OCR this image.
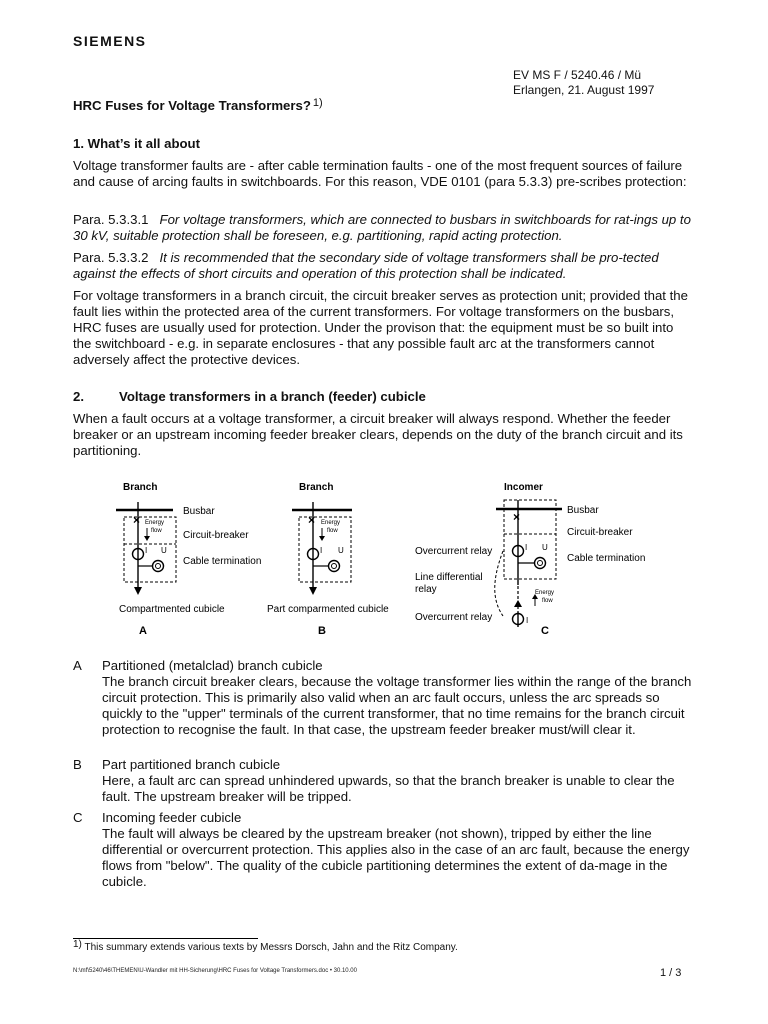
SIEMENS
EV MS F / 5240.46 / Mü
Erlangen, 21. August 1997
HRC Fuses for Voltage Transformers? $^{1)}$
1. What’s it all about

Voltage transformer faults are - after cable termination faults - one of the most frequent sources of failure and cause of arcing faults in switchboards. For this reason, VDE 0101 (para 5.3.3) pre-scribes protection:

Para. 5.3.3.1 For voltage transformers, which are connected to busbars in switchboards for rat-ings up to 30 kV, suitable protection shall be foreseen, e.g. partitioning, rapid acting protection.

Para. 5.3.3.2 It is recommended that the secondary side of voltage transformers shall be pro-tected against the effects of short circuits and operation of this protection shall be indicated.

For voltage transformers in a branch circuit, the circuit breaker serves as protection unit; provided that the fault lies within the protected area of the current transformers. For voltage transformers on the busbars, HRC fuses are usually used for protection. Under the provison that: the equipment must be so built into the switchboard - e.g. in separate enclosures - that any possible fault arc at the transformers cannot adversely affect the protective devices.

2.	Voltage transformers in a branch (feeder) cubicle

When a fault occurs at a voltage transformer, a circuit breaker will always respond. Whether the feeder breaker or an upstream incoming feeder breaker clears, depends on the duty of the branch circuit and its partitioning.

Branch
× Energy
flow
I U
Busbar
Circuit-breaker
Cable termination
Compartmented cubicle
A
Branch
× Energy
flow
I U
Part comparmented cubicle
B
Incomer
×
I U
I
Energy
flow
Busbar
Circuit-breaker
Cable termination
Overcurrent relay
Line differential
relay
Overcurrent relay
C
A Partitioned (metalclad) branch cubicle
The branch circuit breaker clears, because the voltage transformer lies within the range of the branch circuit protection. This is primarily also valid when an arc fault occurs, unless the arc spreads so quickly to the "upper" terminals of the current transformer, that no time remains for the branch circuit protection to recognise the fault. In that case, the upstream feeder breaker must/will clear it.
B Part partitioned branch cubicle
Here, a fault arc can spread unhindered upwards, so that the branch breaker is unable to clear the fault. The upstream breaker will be tripped.
C Incoming feeder cubicle
The fault will always be cleared by the upstream breaker (not shown), tripped by either the line differential or overcurrent protection. This applies also in the case of an arc fault, because the energy flows from "below". The quality of the cubicle partitioning determines the extent of da-mage in the cubicle.
$^{1)}$ This summary extends various texts by Messrs Dorsch, Jahn and the Ritz Company.
N:\mf\5240\46\THEMEN\U-Wandler mit HH-Sicherung\HRC Fuses for Voltage Transformers.doc • 30.10.00	1 / 3
